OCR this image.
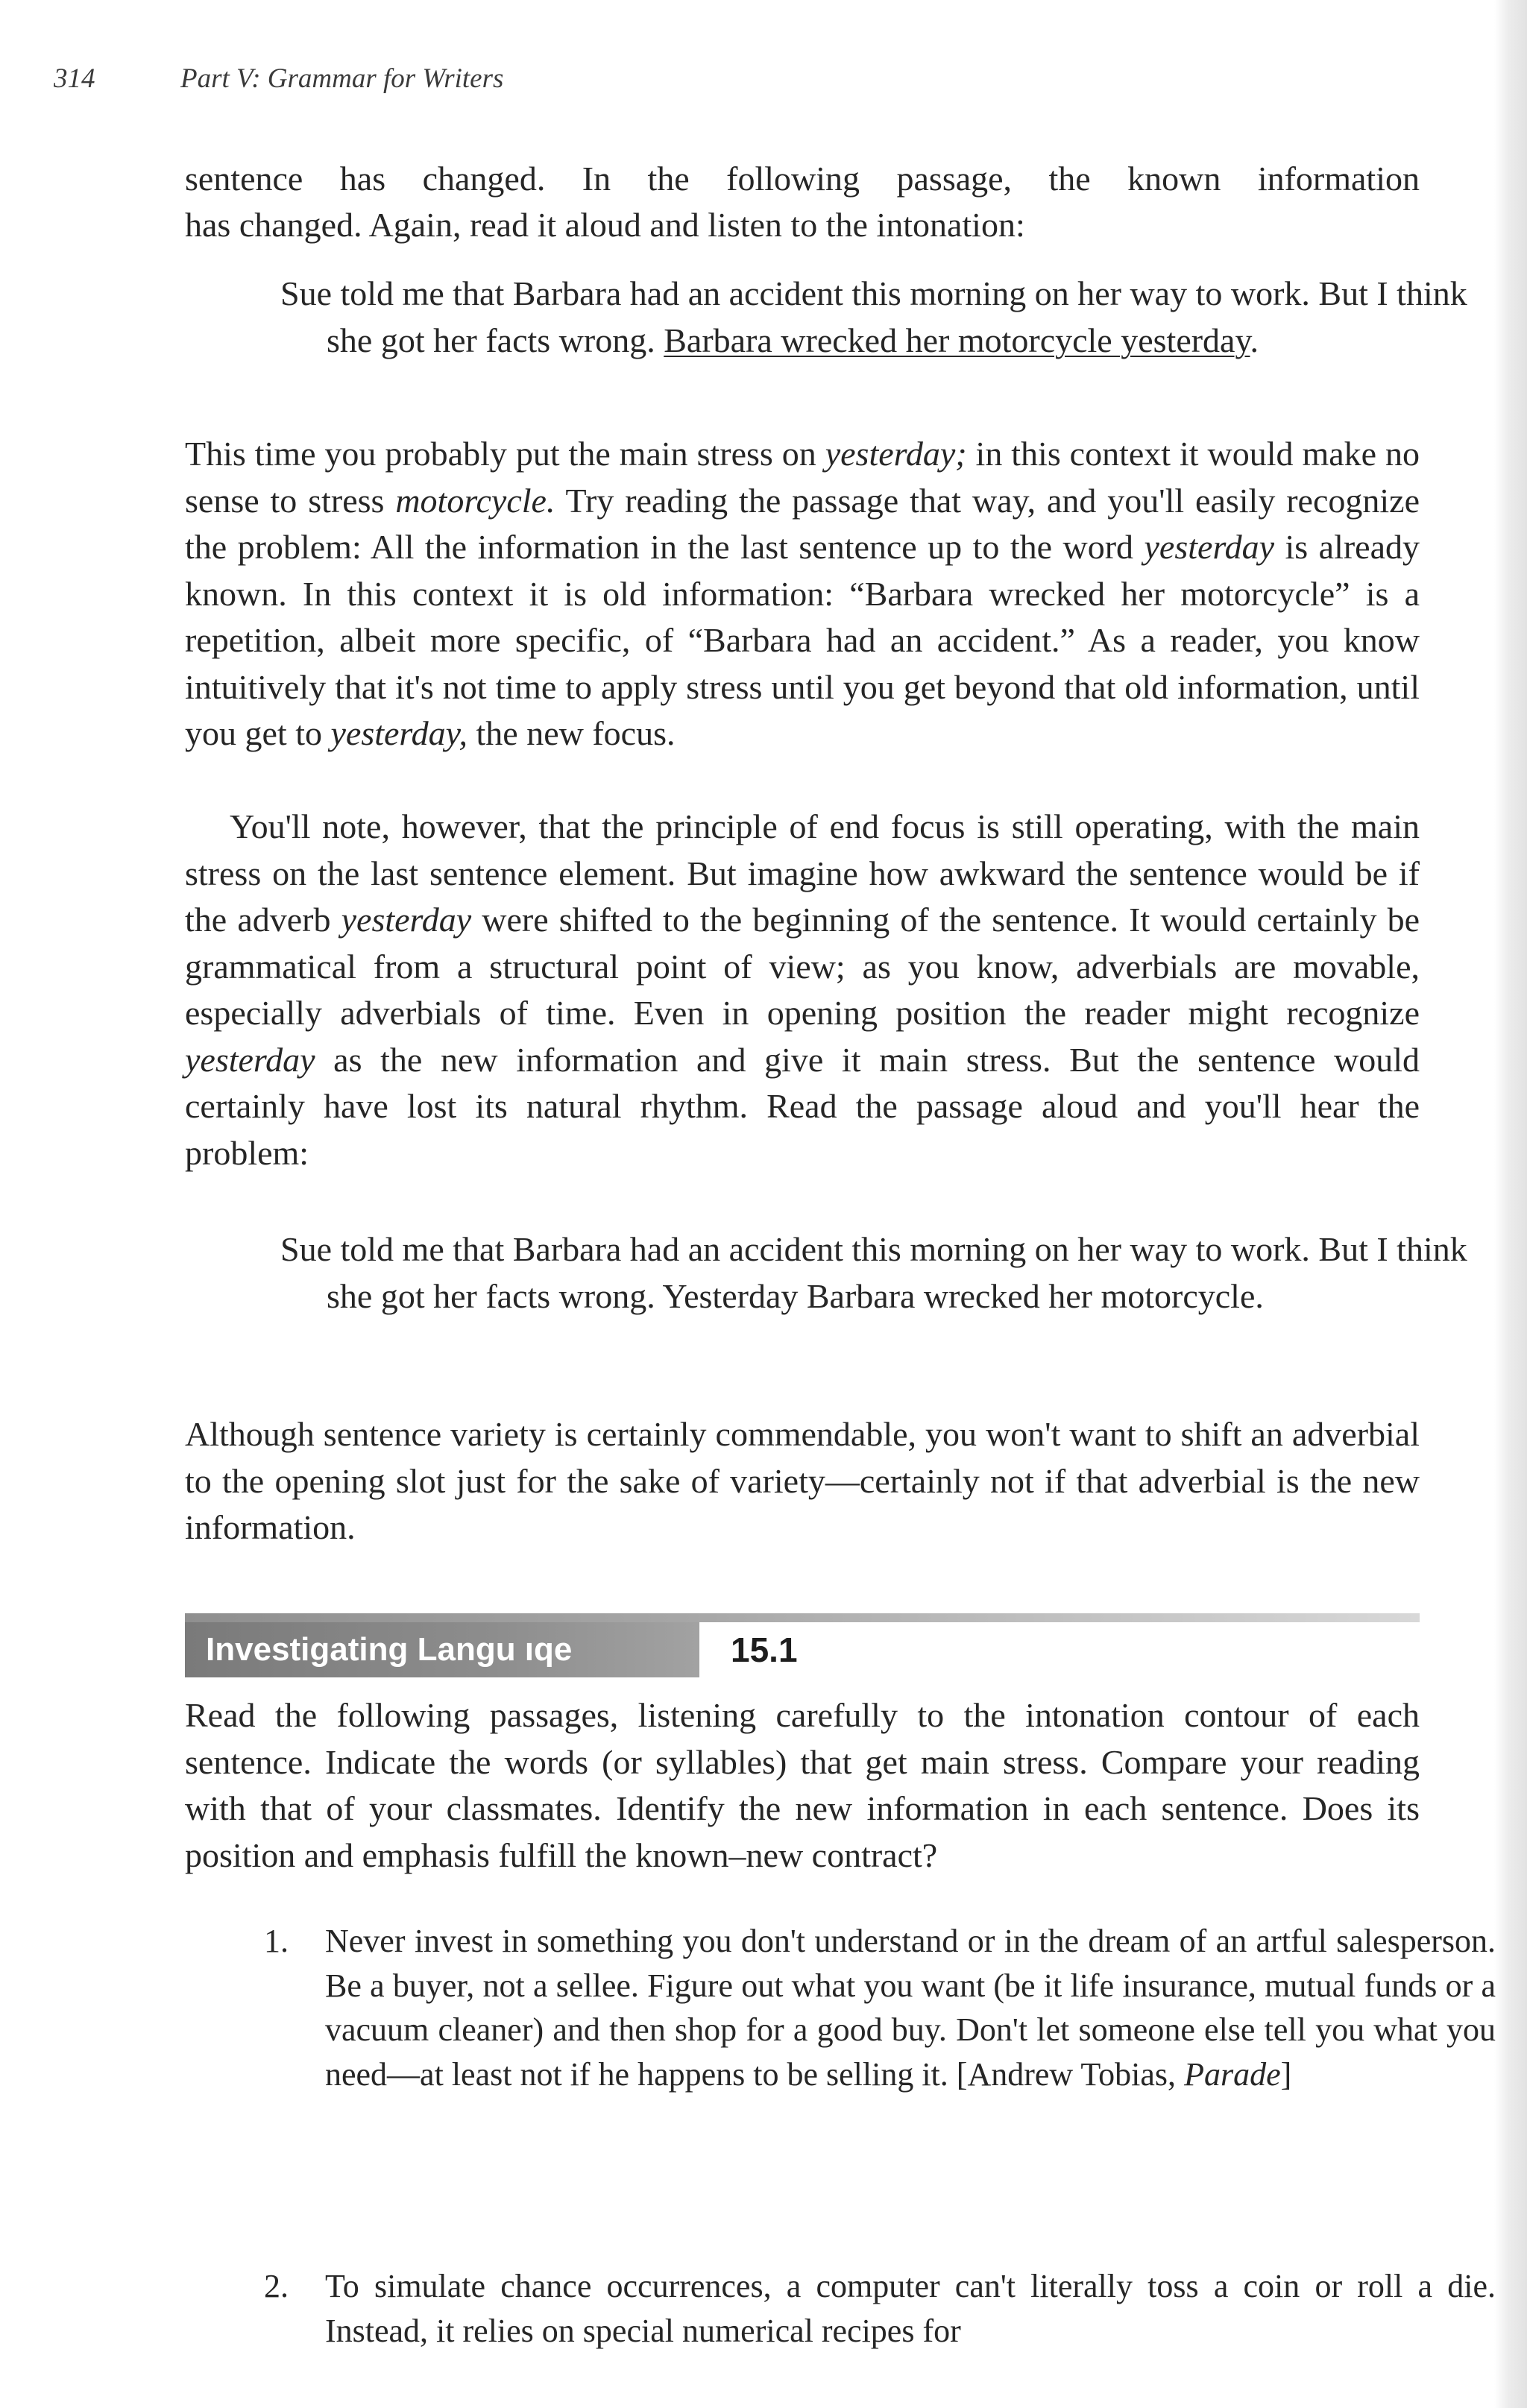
314	Part V: Grammar for Writers

sentence has changed. In the following passage, the known information

has changed. Again, read it aloud and listen to the intonation:

Sue told me that Barbara had an accident this morning on her way to work. But I think she got her facts wrong. Barbara wrecked her motorcycle yesterday.

This time you probably put the main stress on yesterday; in this context it would make no sense to stress motorcycle. Try reading the passage that way, and you'll easily recognize the problem: All the information in the last sentence up to the word yesterday is already known. In this context it is old information: “Barbara wrecked her motorcycle” is a repetition, albeit more specific, of “Barbara had an accident.” As a reader, you know intuitively that it's not time to apply stress until you get beyond that old information, until you get to yesterday, the new focus.

You'll note, however, that the principle of end focus is still operating, with the main stress on the last sentence element. But imagine how awkward the sentence would be if the adverb yesterday were shifted to the beginning of the sentence. It would certainly be grammatical from a structural point of view; as you know, adverbials are movable, especially adverbials of time. Even in opening position the reader might recognize yesterday as the new information and give it main stress. But the sentence would certainly have lost its natural rhythm. Read the passage aloud and you'll hear the problem:

Sue told me that Barbara had an accident this morning on her way to work. But I think she got her facts wrong. Yesterday Barbara wrecked her motorcycle.

Although sentence variety is certainly commendable, you won't want to shift an adverbial to the opening slot just for the sake of variety—certainly not if that adverbial is the new information.

Investigating Langu ıqe	15.1

Read the following passages, listening carefully to the intonation contour of each sentence. Indicate the words (or syllables) that get main stress. Compare your reading with that of your classmates. Identify the new information in each sentence. Does its position and emphasis fulfill the known–new contract?

1. Never invest in something you don't understand or in the dream of an artful salesperson. Be a buyer, not a sellee. Figure out what you want (be it life insurance, mutual funds or a vacuum cleaner) and then shop for a good buy. Don't let someone else tell you what you need—at least not if he happens to be selling it. [Andrew Tobias, Parade]

2. To simulate chance occurrences, a computer can't literally toss a coin or roll a die. Instead, it relies on special numerical recipes for
